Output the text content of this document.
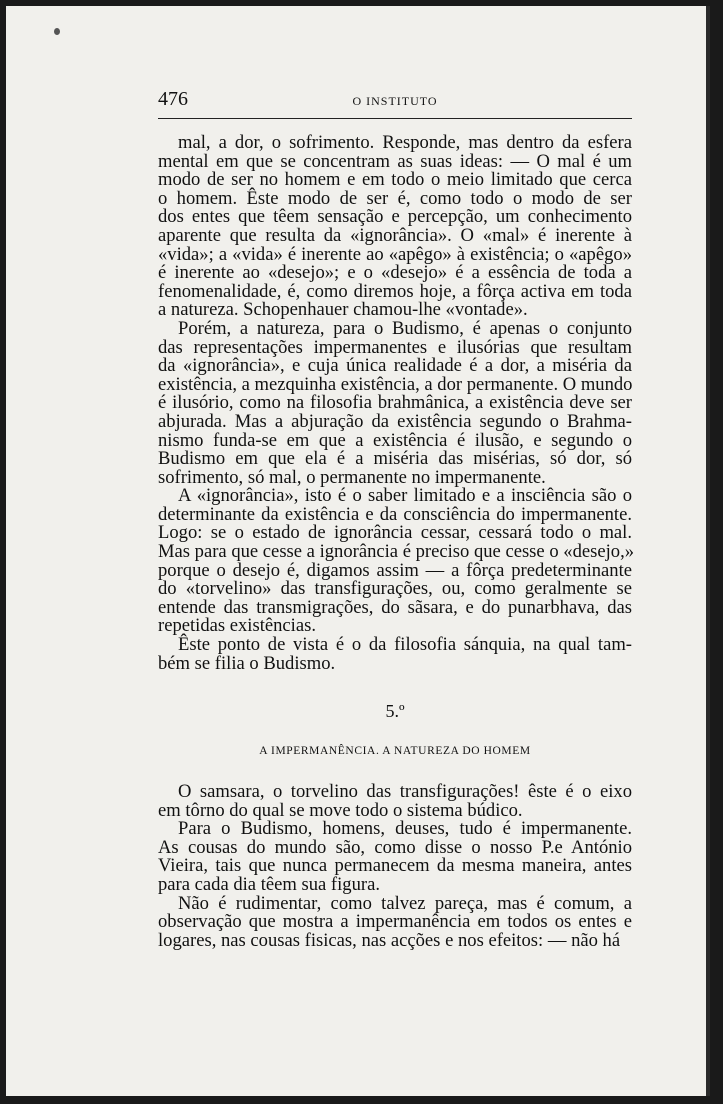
476	O INSTITUTO
mal, a dor, o sofrimento. Responde, mas dentro da esfera
mental em que se concentram as suas ideas: — O mal é um
modo de ser no homem e em todo o meio limitado que cerca
o homem. Êste modo de ser é, como todo o modo de ser
dos entes que têem sensação e percepção, um conhecimento
aparente que resulta da «ignorância». O «mal» é inerente à
«vida»; a «vida» é inerente ao «apêgo» à existência; o «apêgo»
é inerente ao «desejo»; e o «desejo» é a essência de toda a
fenomenalidade, é, como diremos hoje, a fôrça activa em toda
a natureza. Schopenhauer chamou-lhe «vontade».
Porém, a natureza, para o Budismo, é apenas o conjunto
das representações impermanentes e ilusórias que resultam
da «ignorância», e cuja única realidade é a dor, a miséria da
existência, a mezquinha existência, a dor permanente. O mundo
é ilusório, como na filosofia brahmânica, a existência deve ser
abjurada. Mas a abjuração da existência segundo o Brahma-
nismo funda-se em que a existência é ilusão, e segundo o
Budismo em que ela é a miséria das misérias, só dor, só
sofrimento, só mal, o permanente no impermanente.
A «ignorância», isto é o saber limitado e a insciência são o
determinante da existência e da consciência do impermanente.
Logo: se o estado de ignorância cessar, cessará todo o mal.
Mas para que cesse a ignorância é preciso que cesse o «desejo,»
porque o desejo é, digamos assim — a fôrça predeterminante
do «torvelino» das transfigurações, ou, como geralmente se
entende das transmigrações, do sãsara, e do punarbhava, das
repetidas existências.
Êste ponto de vista é o da filosofia sánquia, na qual tam-
bém se filia o Budismo.
5.º
A IMPERMANÊNCIA. A NATUREZA DO HOMEM
O samsara, o torvelino das transfigurações! êste é o eixo
em tôrno do qual se move todo o sistema búdico.
Para o Budismo, homens, deuses, tudo é impermanente.
As cousas do mundo são, como disse o nosso P.e António
Vieira, tais que nunca permanecem da mesma maneira, antes
para cada dia têem sua figura.
Não é rudimentar, como talvez pareça, mas é comum, a
observação que mostra a impermanência em todos os entes e
logares, nas cousas fisicas, nas acções e nos efeitos: — não há
